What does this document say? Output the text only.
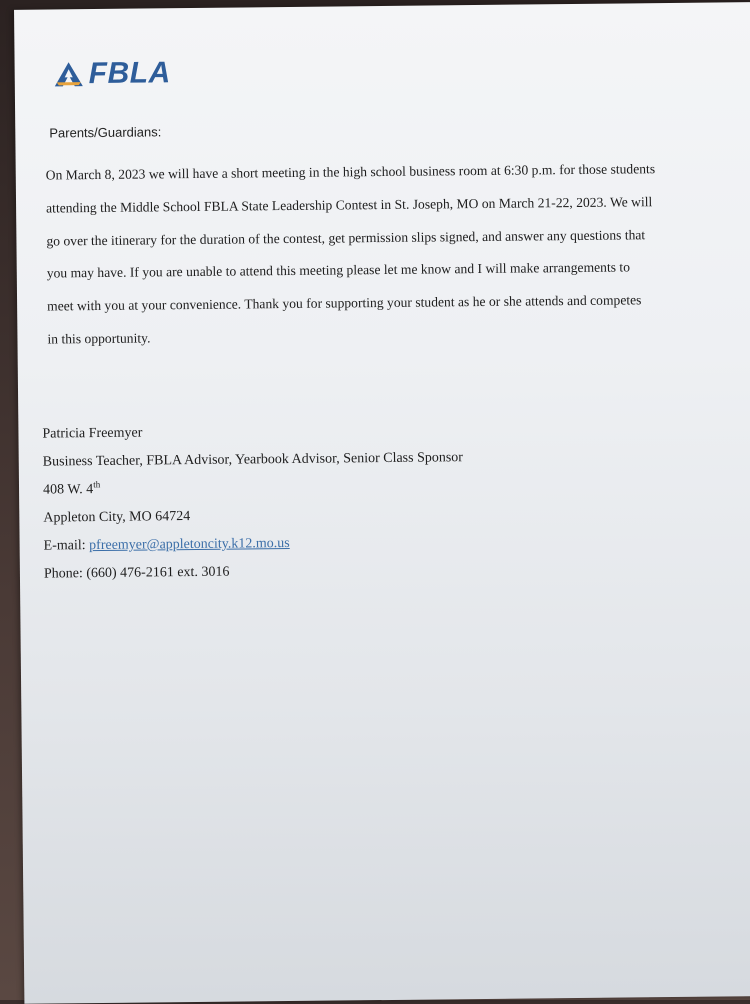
FBLA
Parents/Guardians:
On March 8, 2023 we will have a short meeting in the high school business room at 6:30 p.m. for those students
attending the Middle School FBLA State Leadership Contest in St. Joseph, MO on March 21-22, 2023. We will
go over the itinerary for the duration of the contest, get permission slips signed, and answer any questions that
you may have. If you are unable to attend this meeting please let me know and I will make arrangements to
meet with you at your convenience. Thank you for supporting your student as he or she attends and competes
in this opportunity.
Patricia Freemyer
Business Teacher, FBLA Advisor, Yearbook Advisor, Senior Class Sponsor
408 W. 4th
Appleton City, MO 64724
E-mail: pfreemyer@appletoncity.k12.mo.us
Phone: (660) 476-2161 ext. 3016
